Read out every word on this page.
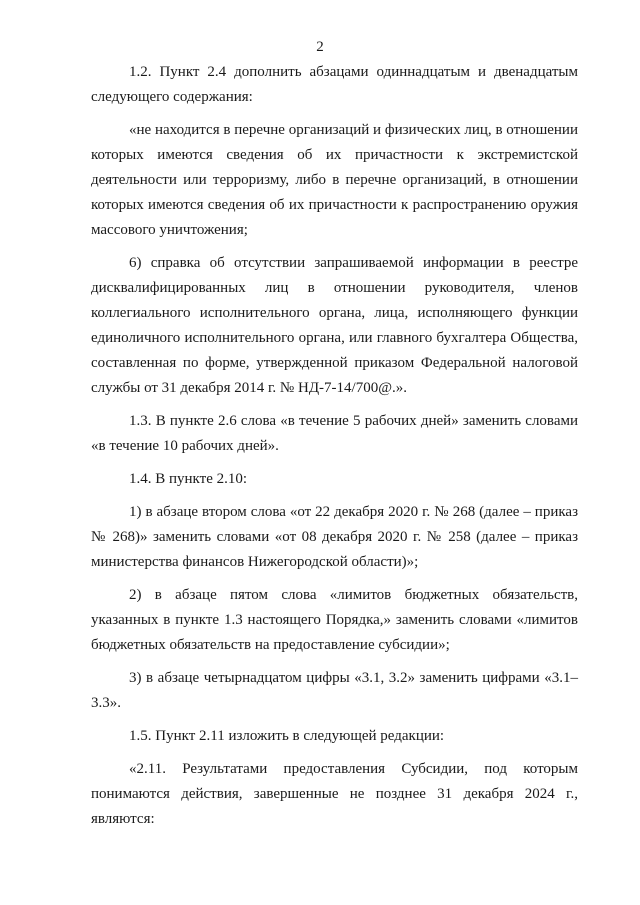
2

1.2. Пункт 2.4 дополнить абзацами одиннадцатым и двенадцатым следующего содержания:

«не находится в перечне организаций и физических лиц, в отношении которых имеются сведения об их причастности к экстремистской деятельности или терроризму, либо в перечне организаций, в отношении которых имеются сведения об их причастности к распространению оружия массового уничтожения;

6) справка об отсутствии запрашиваемой информации в реестре дисквалифицированных лиц в отношении руководителя, членов коллегиального исполнительного органа, лица, исполняющего функции единоличного исполнительного органа, или главного бухгалтера Общества, составленная по форме, утвержденной приказом Федеральной налоговой службы от 31 декабря 2014 г. № НД-7-14/700@.».

1.3. В пункте 2.6 слова «в течение 5 рабочих дней» заменить словами «в течение 10 рабочих дней».

1.4. В пункте 2.10:

1) в абзаце втором слова «от 22 декабря 2020 г. № 268 (далее – приказ № 268)» заменить словами «от 08 декабря 2020 г. № 258 (далее – приказ министерства финансов Нижегородской области)»;

2) в абзаце пятом слова «лимитов бюджетных обязательств, указанных в пункте 1.3 настоящего Порядка,» заменить словами «лимитов бюджетных обязательств на предоставление субсидии»;

3) в абзаце четырнадцатом цифры «3.1, 3.2» заменить цифрами «3.1–3.3».

1.5. Пункт 2.11 изложить в следующей редакции:

«2.11. Результатами предоставления Субсидии, под которым понимаются действия, завершенные не позднее 31 декабря 2024 г., являются:
